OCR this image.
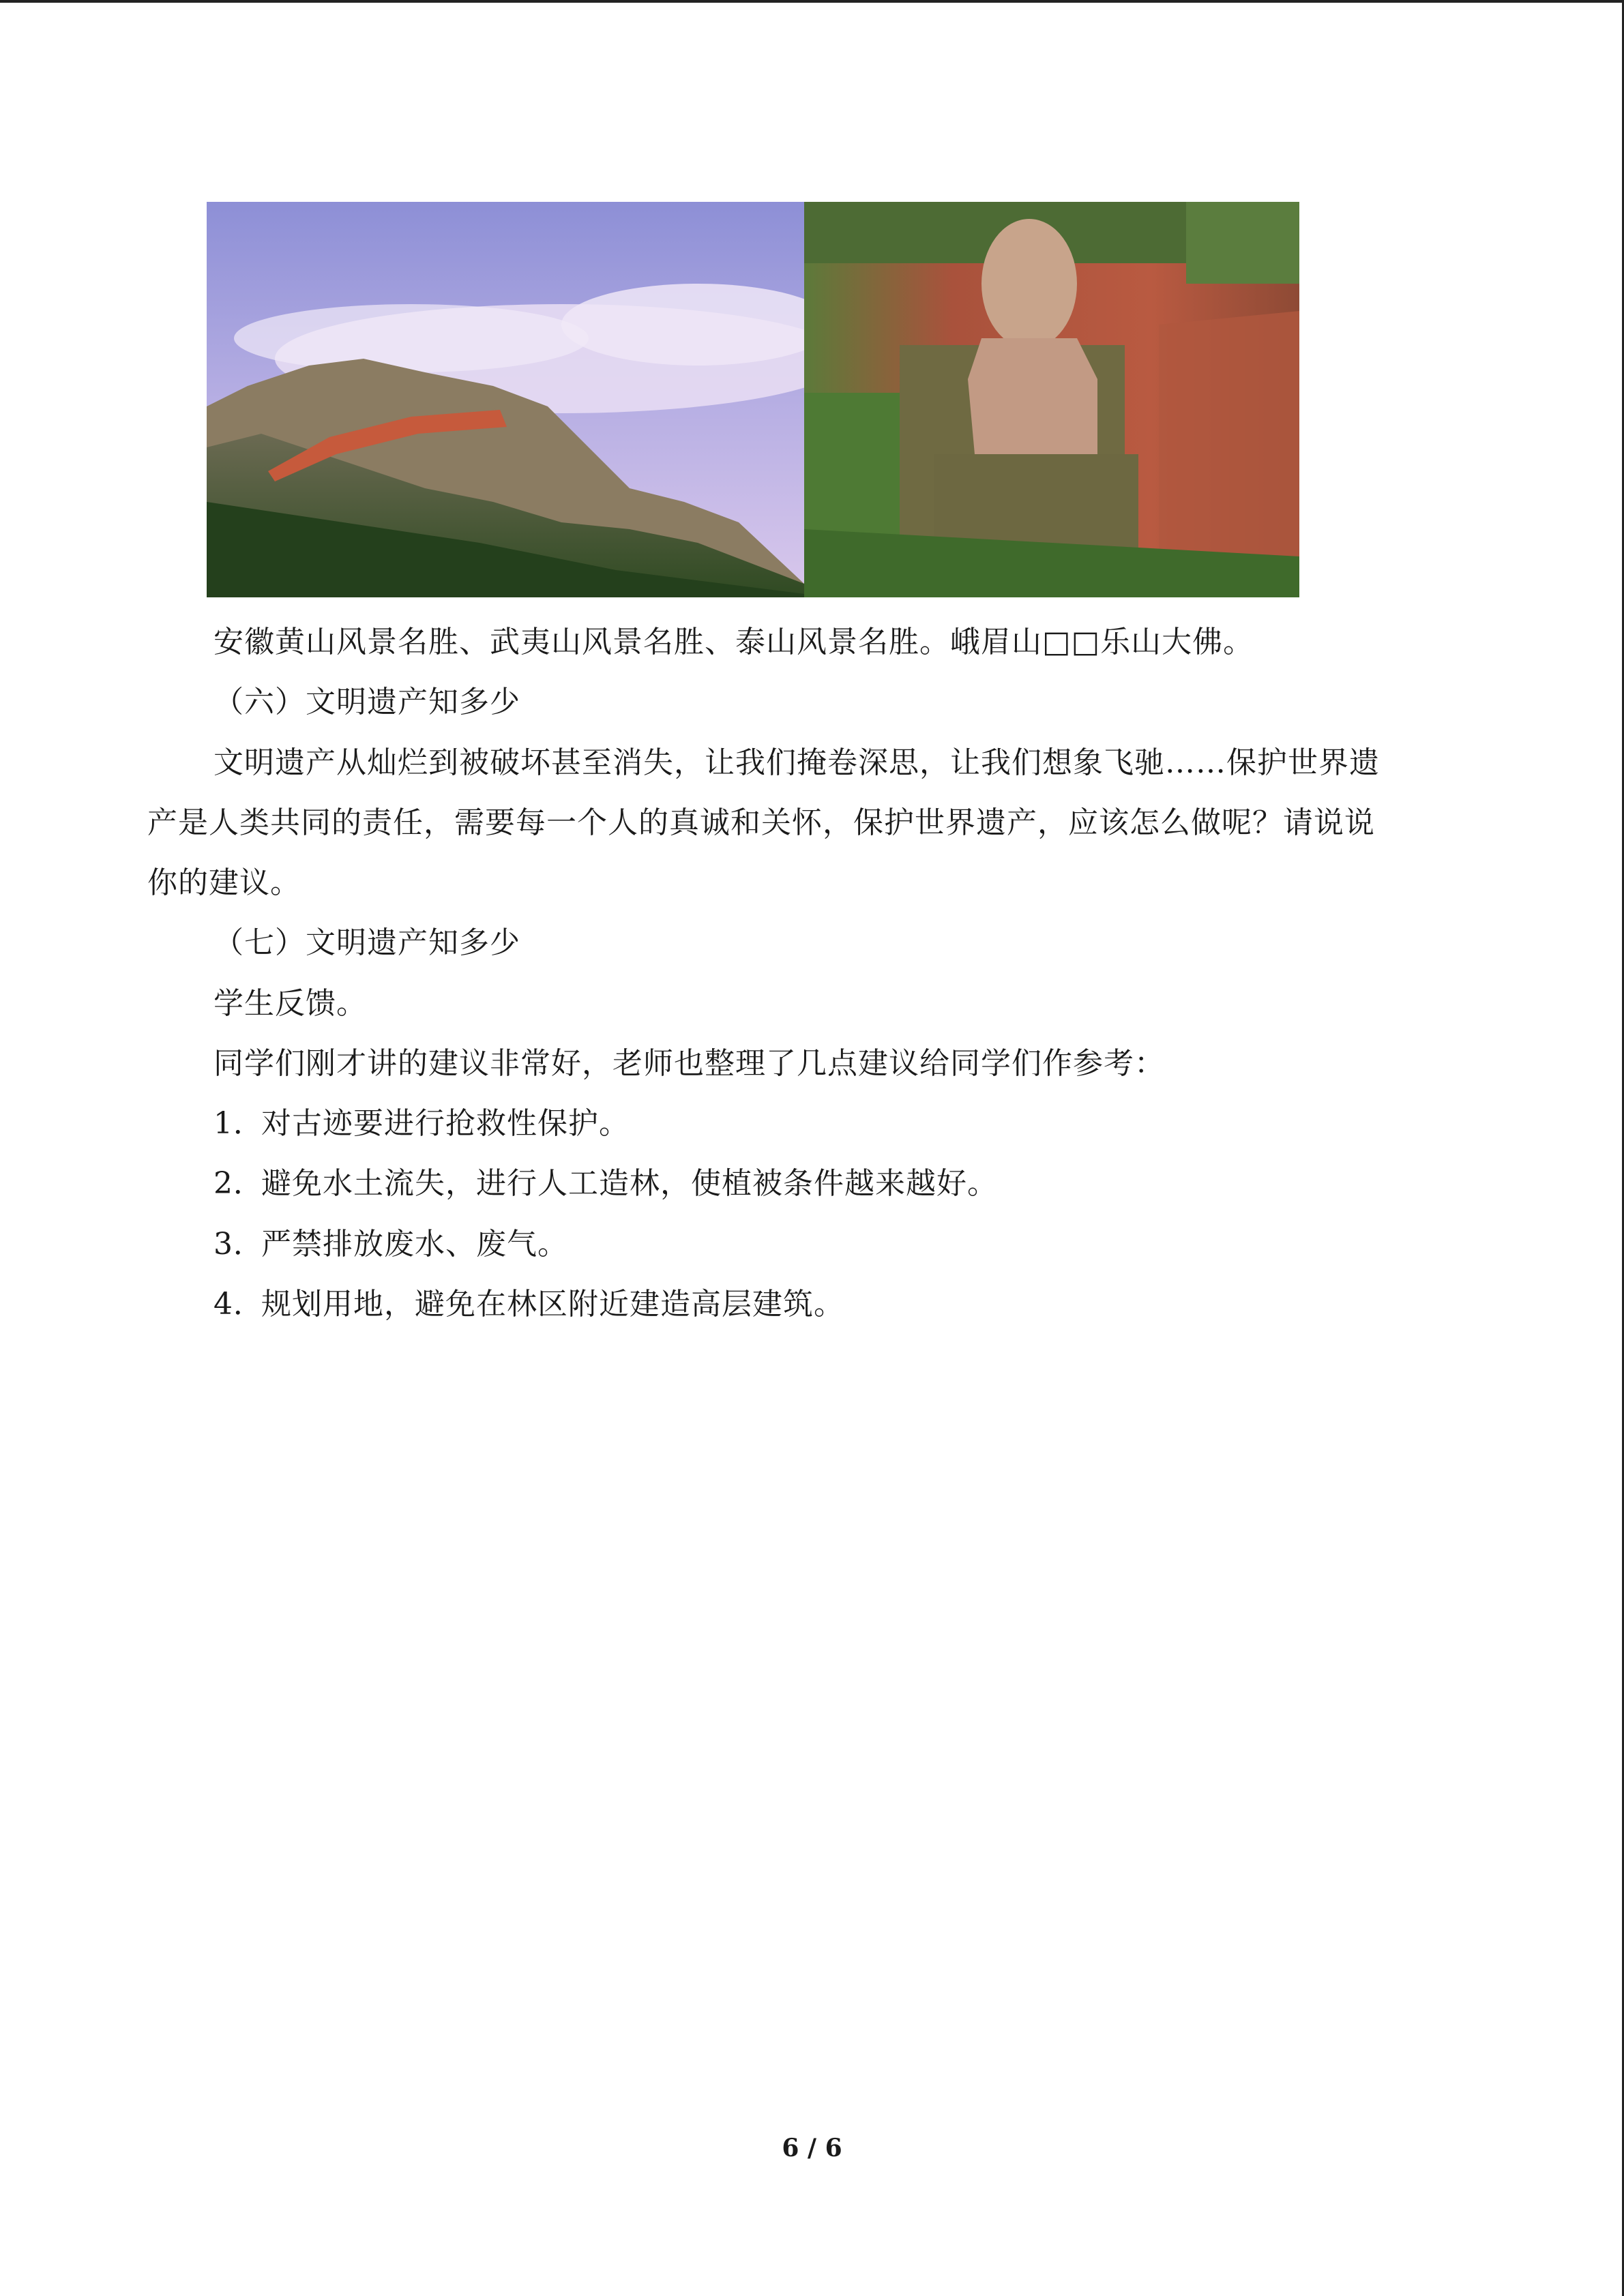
安徽黄山风景名胜、武夷山风景名胜、泰山风景名胜。峨眉山□□乐山大佛。
（六）文明遗产知多少
文明遗产从灿烂到被破坏甚至消失，让我们掩卷深思，让我们想象飞驰……保护世界遗
产是人类共同的责任，需要每一个人的真诚和关怀，保护世界遗产，应该怎么做呢？请说说
你的建议。
（七）文明遗产知多少
学生反馈。
同学们刚才讲的建议非常好，老师也整理了几点建议给同学们作参考：
1．对古迹要进行抢救性保护。
2．避免水土流失，进行人工造林，使植被条件越来越好。
3．严禁排放废水、废气。
4．规划用地，避免在林区附近建造高层建筑。
6 / 6
